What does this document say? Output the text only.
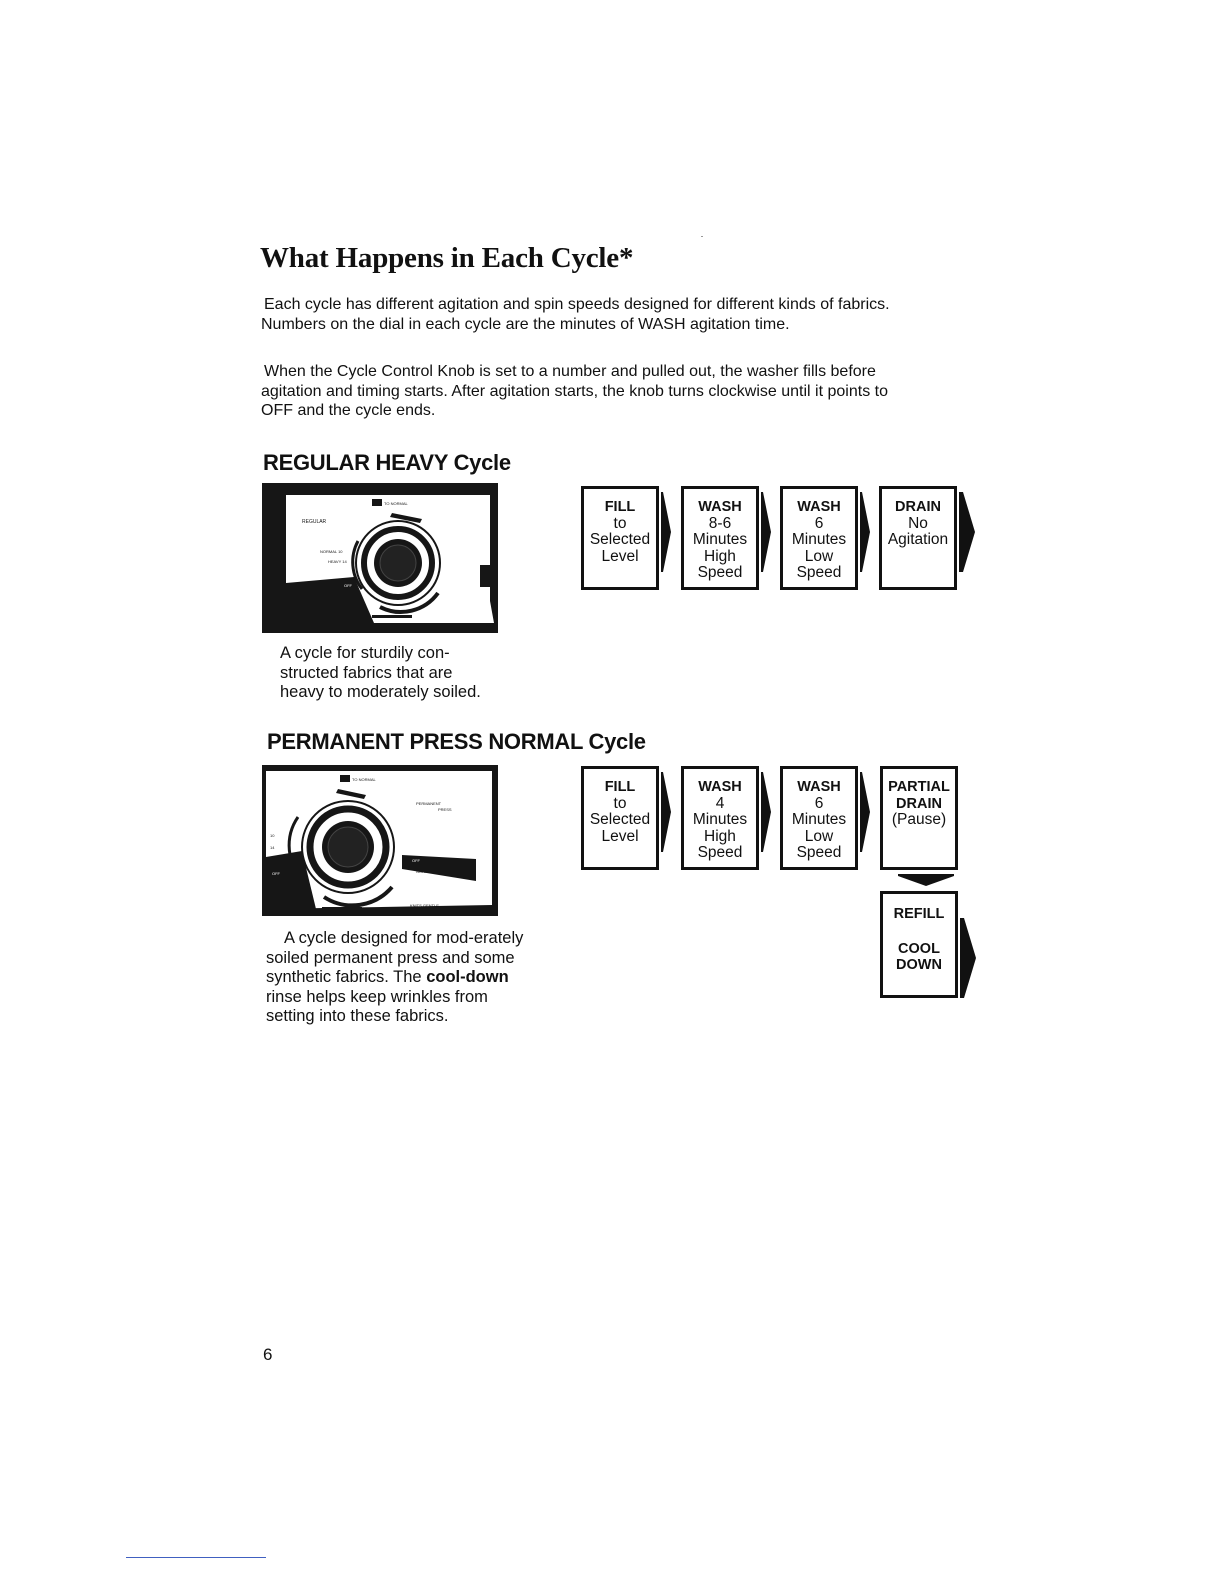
What Happens in Each Cycle*

Each cycle has different agitation and spin speeds designed for different kinds of fabrics. Numbers on the dial in each cycle are the minutes of WASH agitation time.

When the Cycle Control Knob is set to a number and pulled out, the washer fills before agitation and timing starts. After agitation starts, the knob turns clockwise until it points to OFF and the cycle ends.

REGULAR HEAVY Cycle
TO NORMAL
REGULAR
NORMAL 10
HEAVY 14
OFF
KN
A cycle for sturdily con-
structed fabrics that are
heavy to moderately soiled.
FILL
to
Selected
Level
WASH
8-6
Minutes
High
Speed
WASH
6
Minutes
Low
Speed
DRAIN
No
Agitation
PERMANENT PRESS NORMAL Cycle
TO NORMAL
PERMANENT
PRESS
OFF
OFF
NORMAL
KNITS GENTLE
10
14
8

A cycle designed for mod-erately soiled permanent press and some synthetic fabrics. The cool-down rinse helps keep wrinkles from setting into these fabrics.

FILL
to
Selected
Level
WASH
4
Minutes
High
Speed
WASH
6
Minutes
Low
Speed
PARTIAL
DRAIN
(Pause)
REFILL
COOL
DOWN
6
